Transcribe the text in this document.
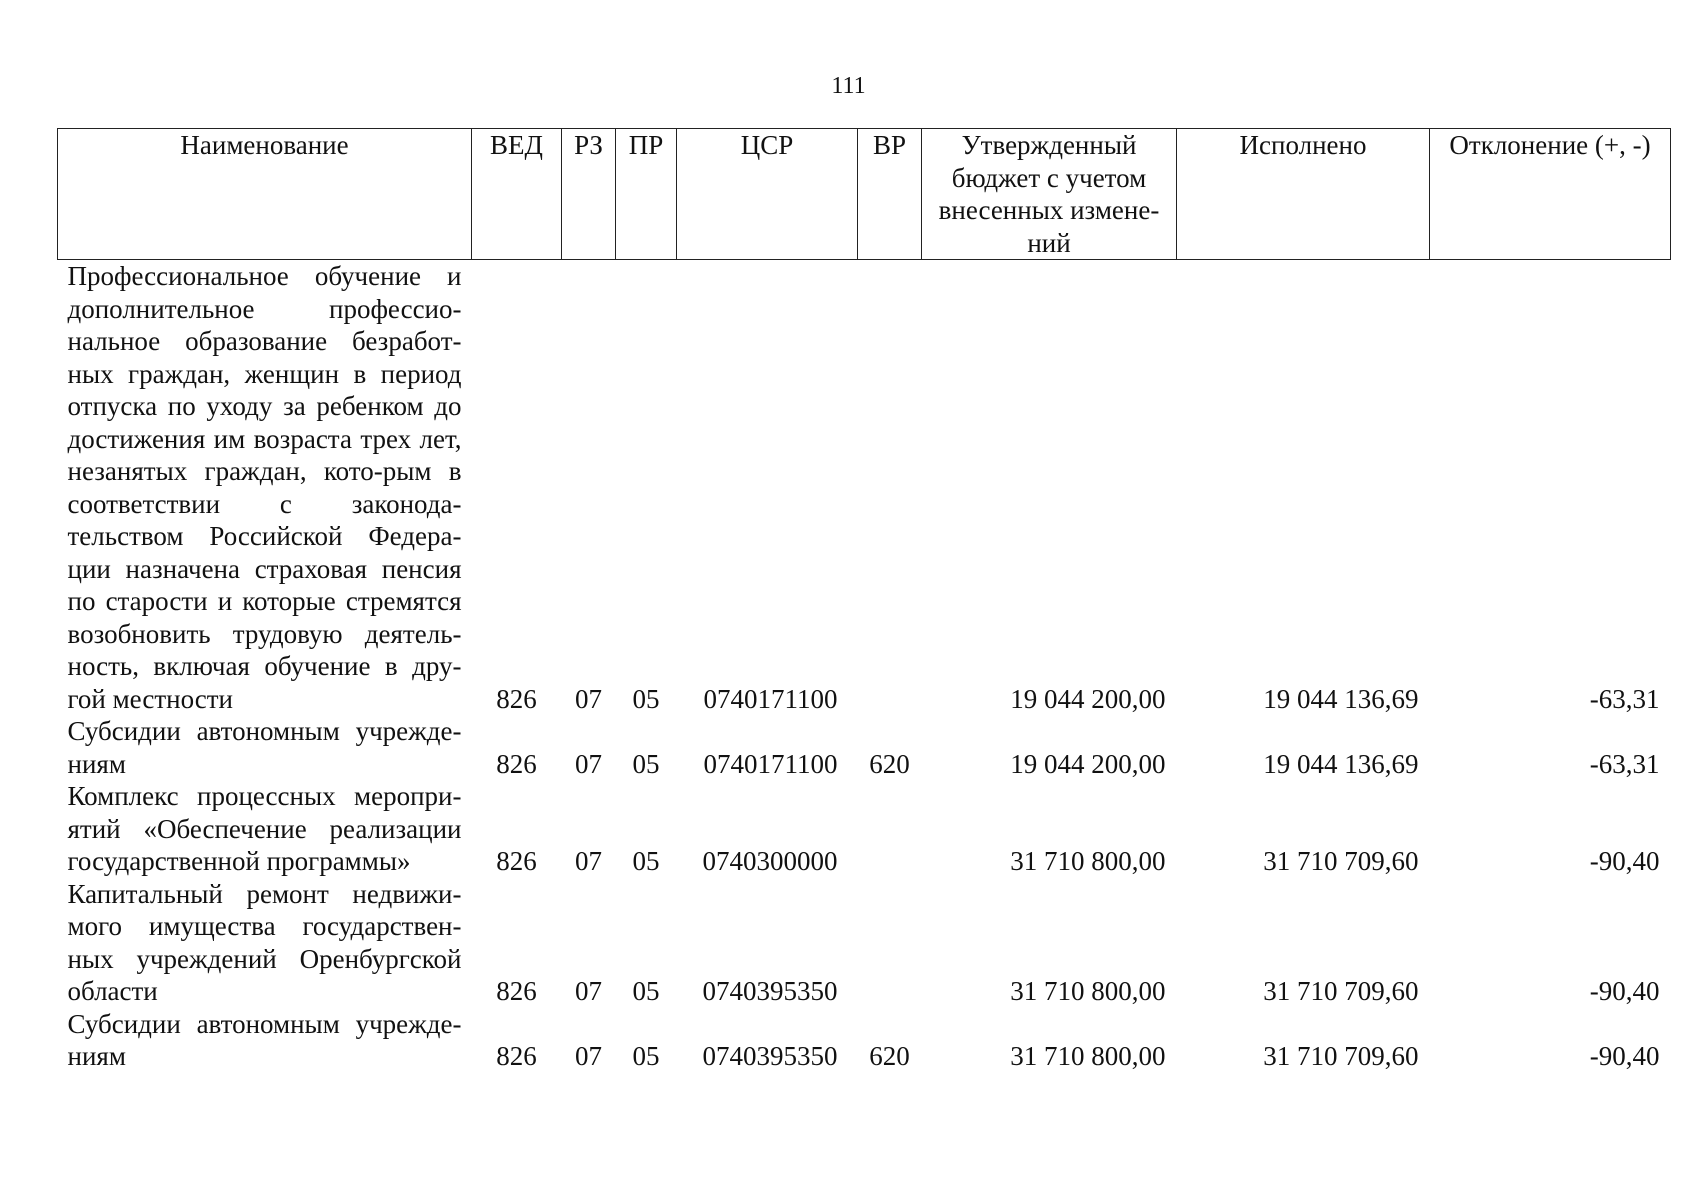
111
Наименование	ВЕД	РЗ	ПР	ЦСР	ВР	Утвержденный бюджет с учетом внесенных измене-ний	Исполнено	Отклонение (+, -)
Профессиональное обучение и дополнительное профессио-нальное образование безработ-ных граждан, женщин в период отпуска по уходу за ребенком до достижения им возраста трех лет, незанятых граждан, кото-рым в соответствии с законода-тельством Российской Федера-ции назначена страховая пенсия по старости и которые стремятся возобновить трудовую деятель-ность, включая обучение в дру-гой местности	826	07	05	0740171100		19 044 200,00	19 044 136,69	-63,31
Субсидии автономным учрежде-ниям	826	07	05	0740171100	620	19 044 200,00	19 044 136,69	-63,31
Комплекс процессных меропри-ятий «Обеспечение реализации государственной программы»	826	07	05	0740300000		31 710 800,00	31 710 709,60	-90,40
Капитальный ремонт недвижи-мого имущества государствен-ных учреждений Оренбургской области	826	07	05	0740395350		31 710 800,00	31 710 709,60	-90,40
Субсидии автономным учрежде-ниям	826	07	05	0740395350	620	31 710 800,00	31 710 709,60	-90,40
